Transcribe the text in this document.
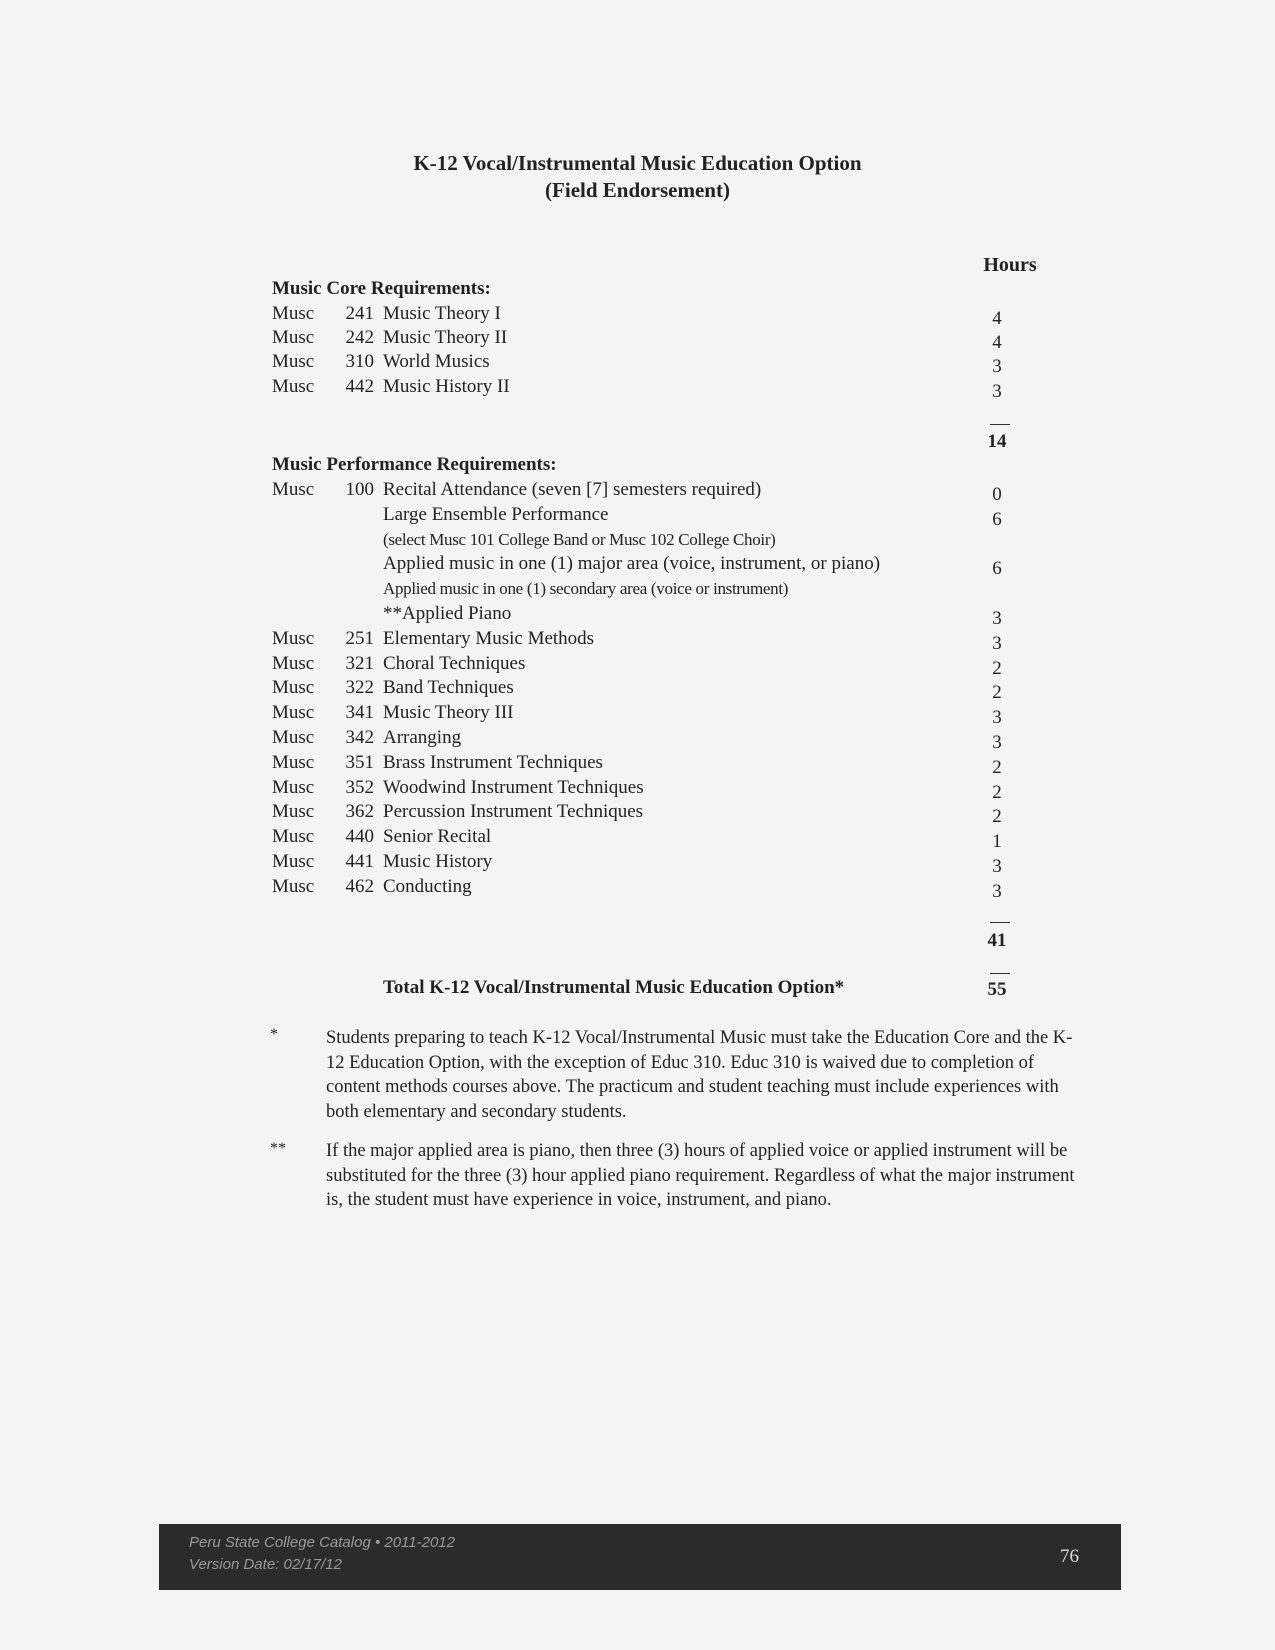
K-12 Vocal/Instrumental Music Education Option
(Field Endorsement)
Hours
Music Core Requirements:
Musc	241 Music Theory I	4
Musc	242 Music Theory II	4
Musc	310 World Musics	3
Musc	442 Music History II	3
14
Music Performance Requirements:
Musc	100 Recital Attendance (seven [7] semesters required)	0
Large Ensemble Performance	6
(select Musc 101 College Band or Musc 102 College Choir)
Applied music in one (1) major area (voice, instrument, or piano)	6
Applied music in one (1) secondary area (voice or instrument)
**Applied Piano	3
Musc	251 Elementary Music Methods	3
Musc	321 Choral Techniques	2
Musc	322 Band Techniques	2
Musc	341 Music Theory III	3
Musc	342 Arranging	3
Musc	351 Brass Instrument Techniques	2
Musc	352 Woodwind Instrument Techniques	2
Musc	362 Percussion Instrument Techniques	2
Musc	440 Senior Recital	1
Musc	441 Music History	3
Musc	462 Conducting	3
41
Total K-12 Vocal/Instrumental Music Education Option*	55
*	Students preparing to teach K-12 Vocal/Instrumental Music must take the Education Core and the K-12 Education Option, with the exception of Educ 310. Educ 310 is waived due to completion of content methods courses above. The practicum and student teaching must include experiences with both elementary and secondary students.
** If the major applied area is piano, then three (3) hours of applied voice or applied instrument will be substituted for the three (3) hour applied piano requirement. Regardless of what the major instrument is, the student must have experience in voice, instrument, and piano.
Peru State College Catalog • 2011-2012
Version Date: 02/17/12	76
